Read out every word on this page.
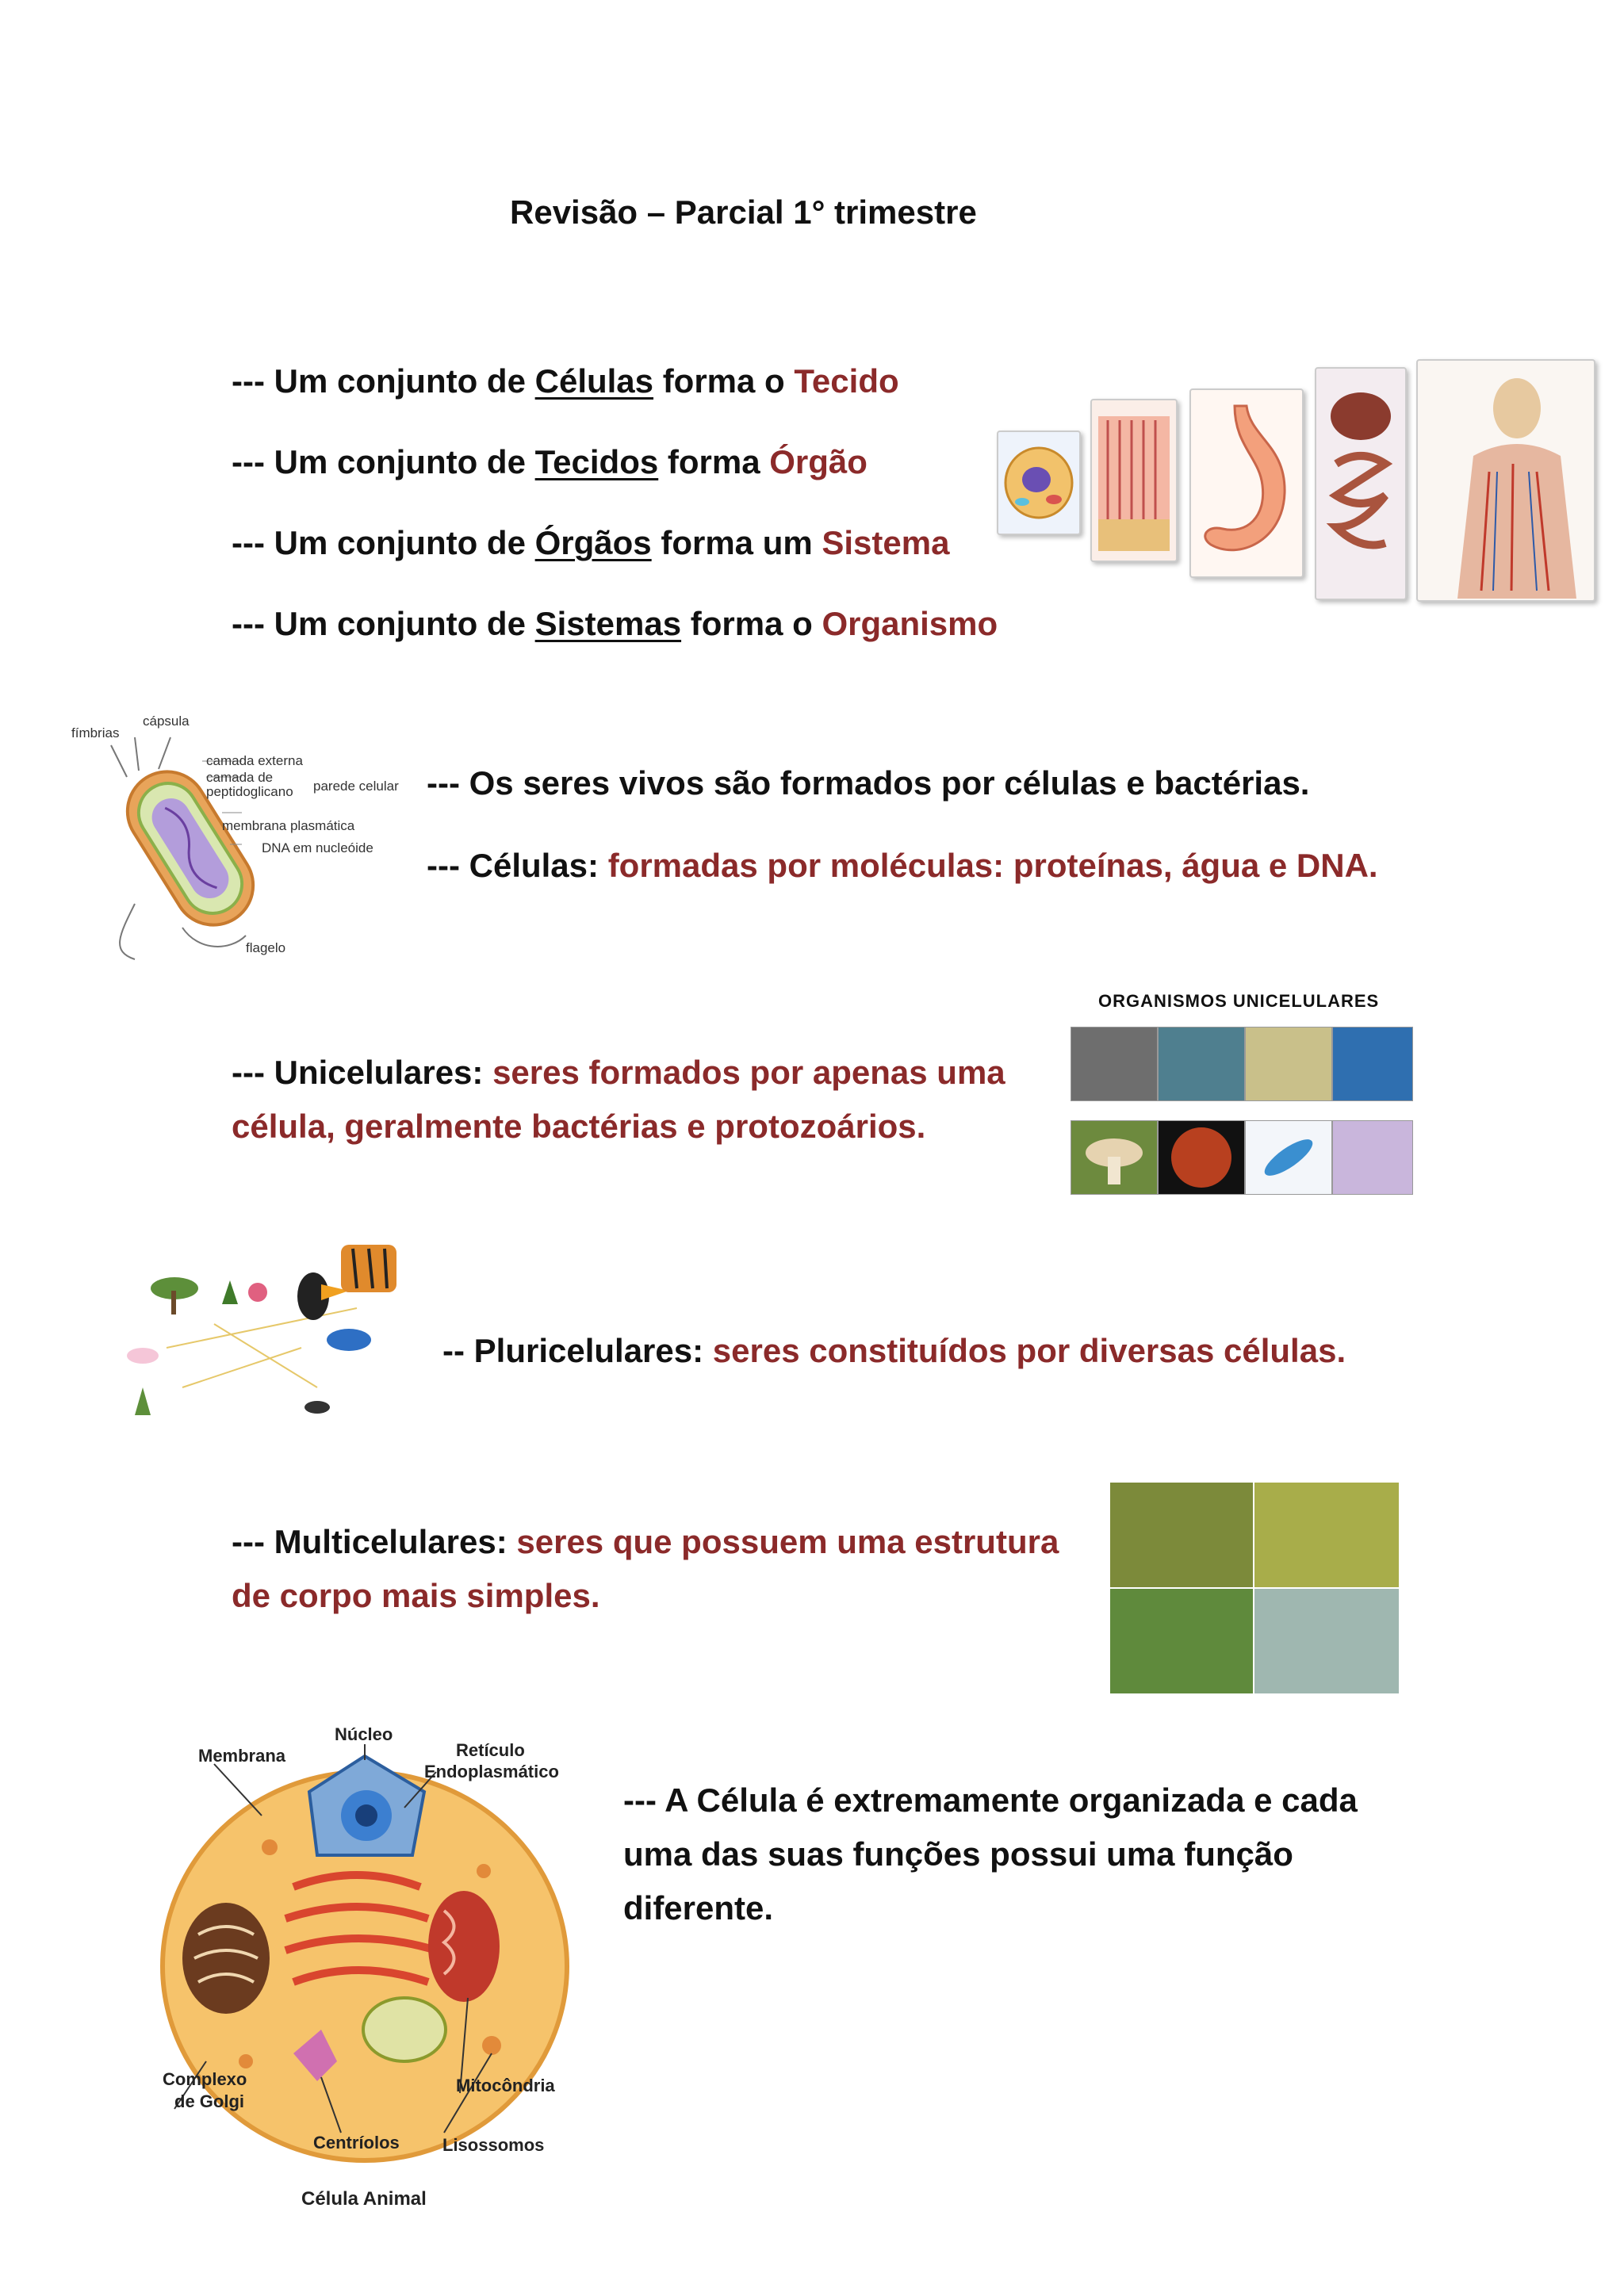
Revisão – Parcial 1° trimestre
--- Um conjunto de Células forma o Tecido
--- Um conjunto de Tecidos forma Órgão
--- Um conjunto de Órgãos forma um Sistema
--- Um conjunto de Sistemas forma o Organismo
fímbrias
cápsula
camada externa
camada de peptidoglicano parede celular
membrana plasmática
DNA em nucleóide
flagelo
--- Os seres vivos são formados por células e bactérias.
--- Células: formadas por moléculas: proteínas, água e DNA.
--- Unicelulares: seres formados por apenas uma
célula, geralmente bactérias e protozoários.
ORGANISMOS UNICELULARES
-- Pluricelulares: seres constituídos por diversas células.
--- Multicelulares: seres que possuem uma estrutura
de corpo mais simples.
Núcleo
Membrana	Retículo
Endoplasmático
Complexo
de Golgi
Mitocôndria
Centríolos Lisossomos
Célula Animal
--- A Célula é extremamente organizada e cada
uma das suas funções possui uma função
diferente.
